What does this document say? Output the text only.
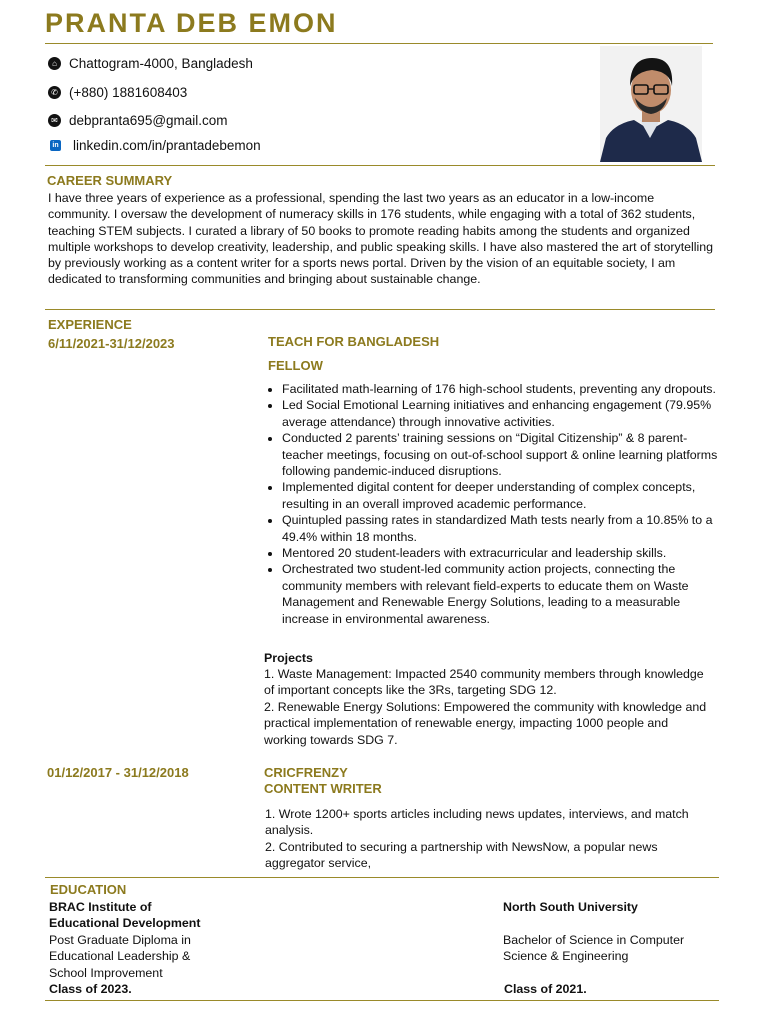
PRANTA DEB EMON
⌂ Chattogram-4000, Bangladesh
✆ (+880) 1881608403
✉ debpranta695@gmail.com
in linkedin.com/in/prantadebemon
CAREER SUMMARY
I have three years of experience as a professional, spending the last two years as an educator in a low-income community. I oversaw the development of numeracy skills in 176 students, while engaging with a total of 362 students, teaching STEM subjects. I curated a library of 50 books to promote reading habits among the students and organized multiple workshops to develop creativity, leadership, and public speaking skills. I have also mastered the art of storytelling by previously working as a content writer for a sports news portal. Driven by the vision of an equitable society, I am dedicated to transforming communities and bringing about sustainable change.
EXPERIENCE
6/11/2021-31/12/2023	TEACH FOR BANGLADESH
FELLOW
• Facilitated math-learning of 176 high-school students, preventing any dropouts.
• Led Social Emotional Learning initiatives and enhancing engagement (79.95% average attendance) through innovative activities.
• Conducted 2 parents’ training sessions on “Digital Citizenship” & 8 parent-teacher meetings, focusing on out-of-school support & online learning platforms following pandemic-induced disruptions.
• Implemented digital content for deeper understanding of complex concepts, resulting in an overall improved academic performance.
• Quintupled passing rates in standardized Math tests nearly from a 10.85% to a 49.4% within 18 months.
• Mentored 20 student-leaders with extracurricular and leadership skills.
• Orchestrated two student-led community action projects, connecting the community members with relevant field-experts to educate them on Waste Management and Renewable Energy Solutions, leading to a measurable increase in environmental awareness.
Projects
1. Waste Management: Impacted 2540 community members through knowledge of important concepts like the 3Rs, targeting SDG 12.
2. Renewable Energy Solutions: Empowered the community with knowledge and practical implementation of renewable energy, impacting 1000 people and working towards SDG 7.
01/12/2017 - 31/12/2018	CRICFRENZY
CONTENT WRITER
1. Wrote 1200+ sports articles including news updates, interviews, and match analysis.
2. Contributed to securing a partnership with NewsNow, a popular news aggregator service,
EDUCATION
BRAC Institute of Educational Development
Post Graduate Diploma in Educational Leadership & School Improvement
Class of 2023.
North South University
Bachelor of Science in Computer Science & Engineering
Class of 2021.
